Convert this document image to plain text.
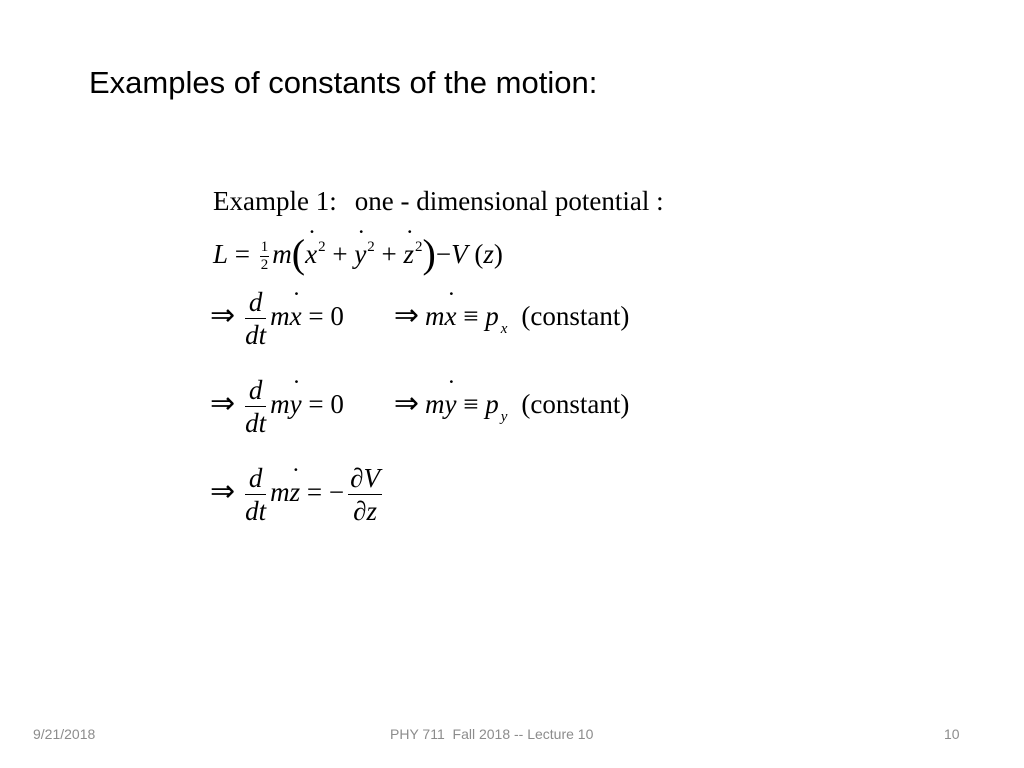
Examples of constants of the motion:
Example 1: one - dimensional potential :
$L = \frac{1}{2} m(x$ ˙$^2$ + y ˙$^2$ + z ˙$^2$)−V (z)
⇒ $\frac{d}{dt}$ mx ˙ = 0 ⇒ mx ˙ ≡ p $_x$ (constant)
⇒ $\frac{d}{dt}$ my ˙ = 0 ⇒ my ˙ ≡ p $_y$ (constant)
⇒ $\frac{d}{dt}$ mz ˙ = − $\frac{\partial V}{\partial z}$
9/21/2018	PHY 711  Fall 2018 -- Lecture 10	10
